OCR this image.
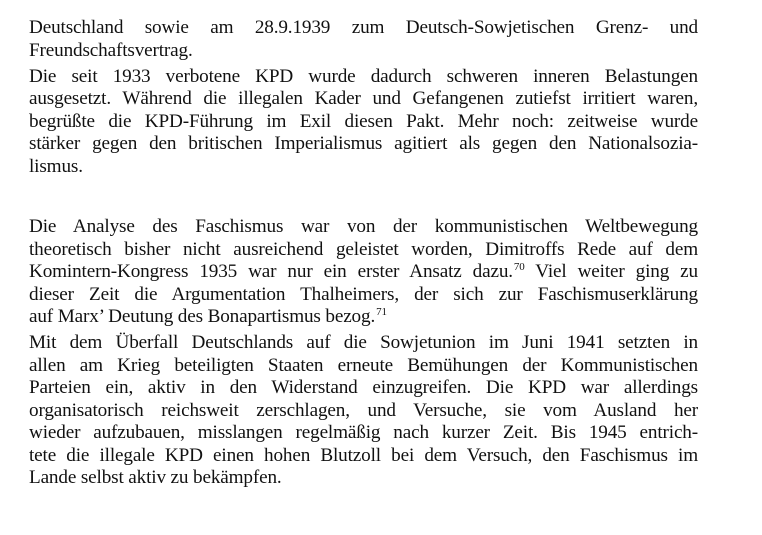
Deutschland sowie am 28.9.1939 zum Deutsch-Sowjetischen Grenz- und
Freundschaftsvertrag.
Die seit 1933 verbotene KPD wurde dadurch schweren inneren Belastungen
ausgesetzt. Während die illegalen Kader und Gefangenen zutiefst irritiert waren,
begrüßte die KPD-Führung im Exil diesen Pakt. Mehr noch: zeitweise wurde
stärker gegen den britischen Imperialismus agitiert als gegen den Nationalsozia-
lismus.
Die Analyse des Faschismus war von der kommunistischen Weltbewegung
theoretisch bisher nicht ausreichend geleistet worden, Dimitroffs Rede auf dem
Komintern-Kongress 1935 war nur ein erster Ansatz dazu.$^{70}$ Viel weiter ging zu
dieser Zeit die Argumentation Thalheimers, der sich zur Faschismuserklärung
auf Marx’ Deutung des Bonapartismus bezog.$^{71}$
Mit dem Überfall Deutschlands auf die Sowjetunion im Juni 1941 setzten in
allen am Krieg beteiligten Staaten erneute Bemühungen der Kommunistischen
Parteien ein, aktiv in den Widerstand einzugreifen. Die KPD war allerdings
organisatorisch reichsweit zerschlagen, und Versuche, sie vom Ausland her
wieder aufzubauen, misslangen regelmäßig nach kurzer Zeit. Bis 1945 entrich-
tete die illegale KPD einen hohen Blutzoll bei dem Versuch, den Faschismus im
Lande selbst aktiv zu bekämpfen.
